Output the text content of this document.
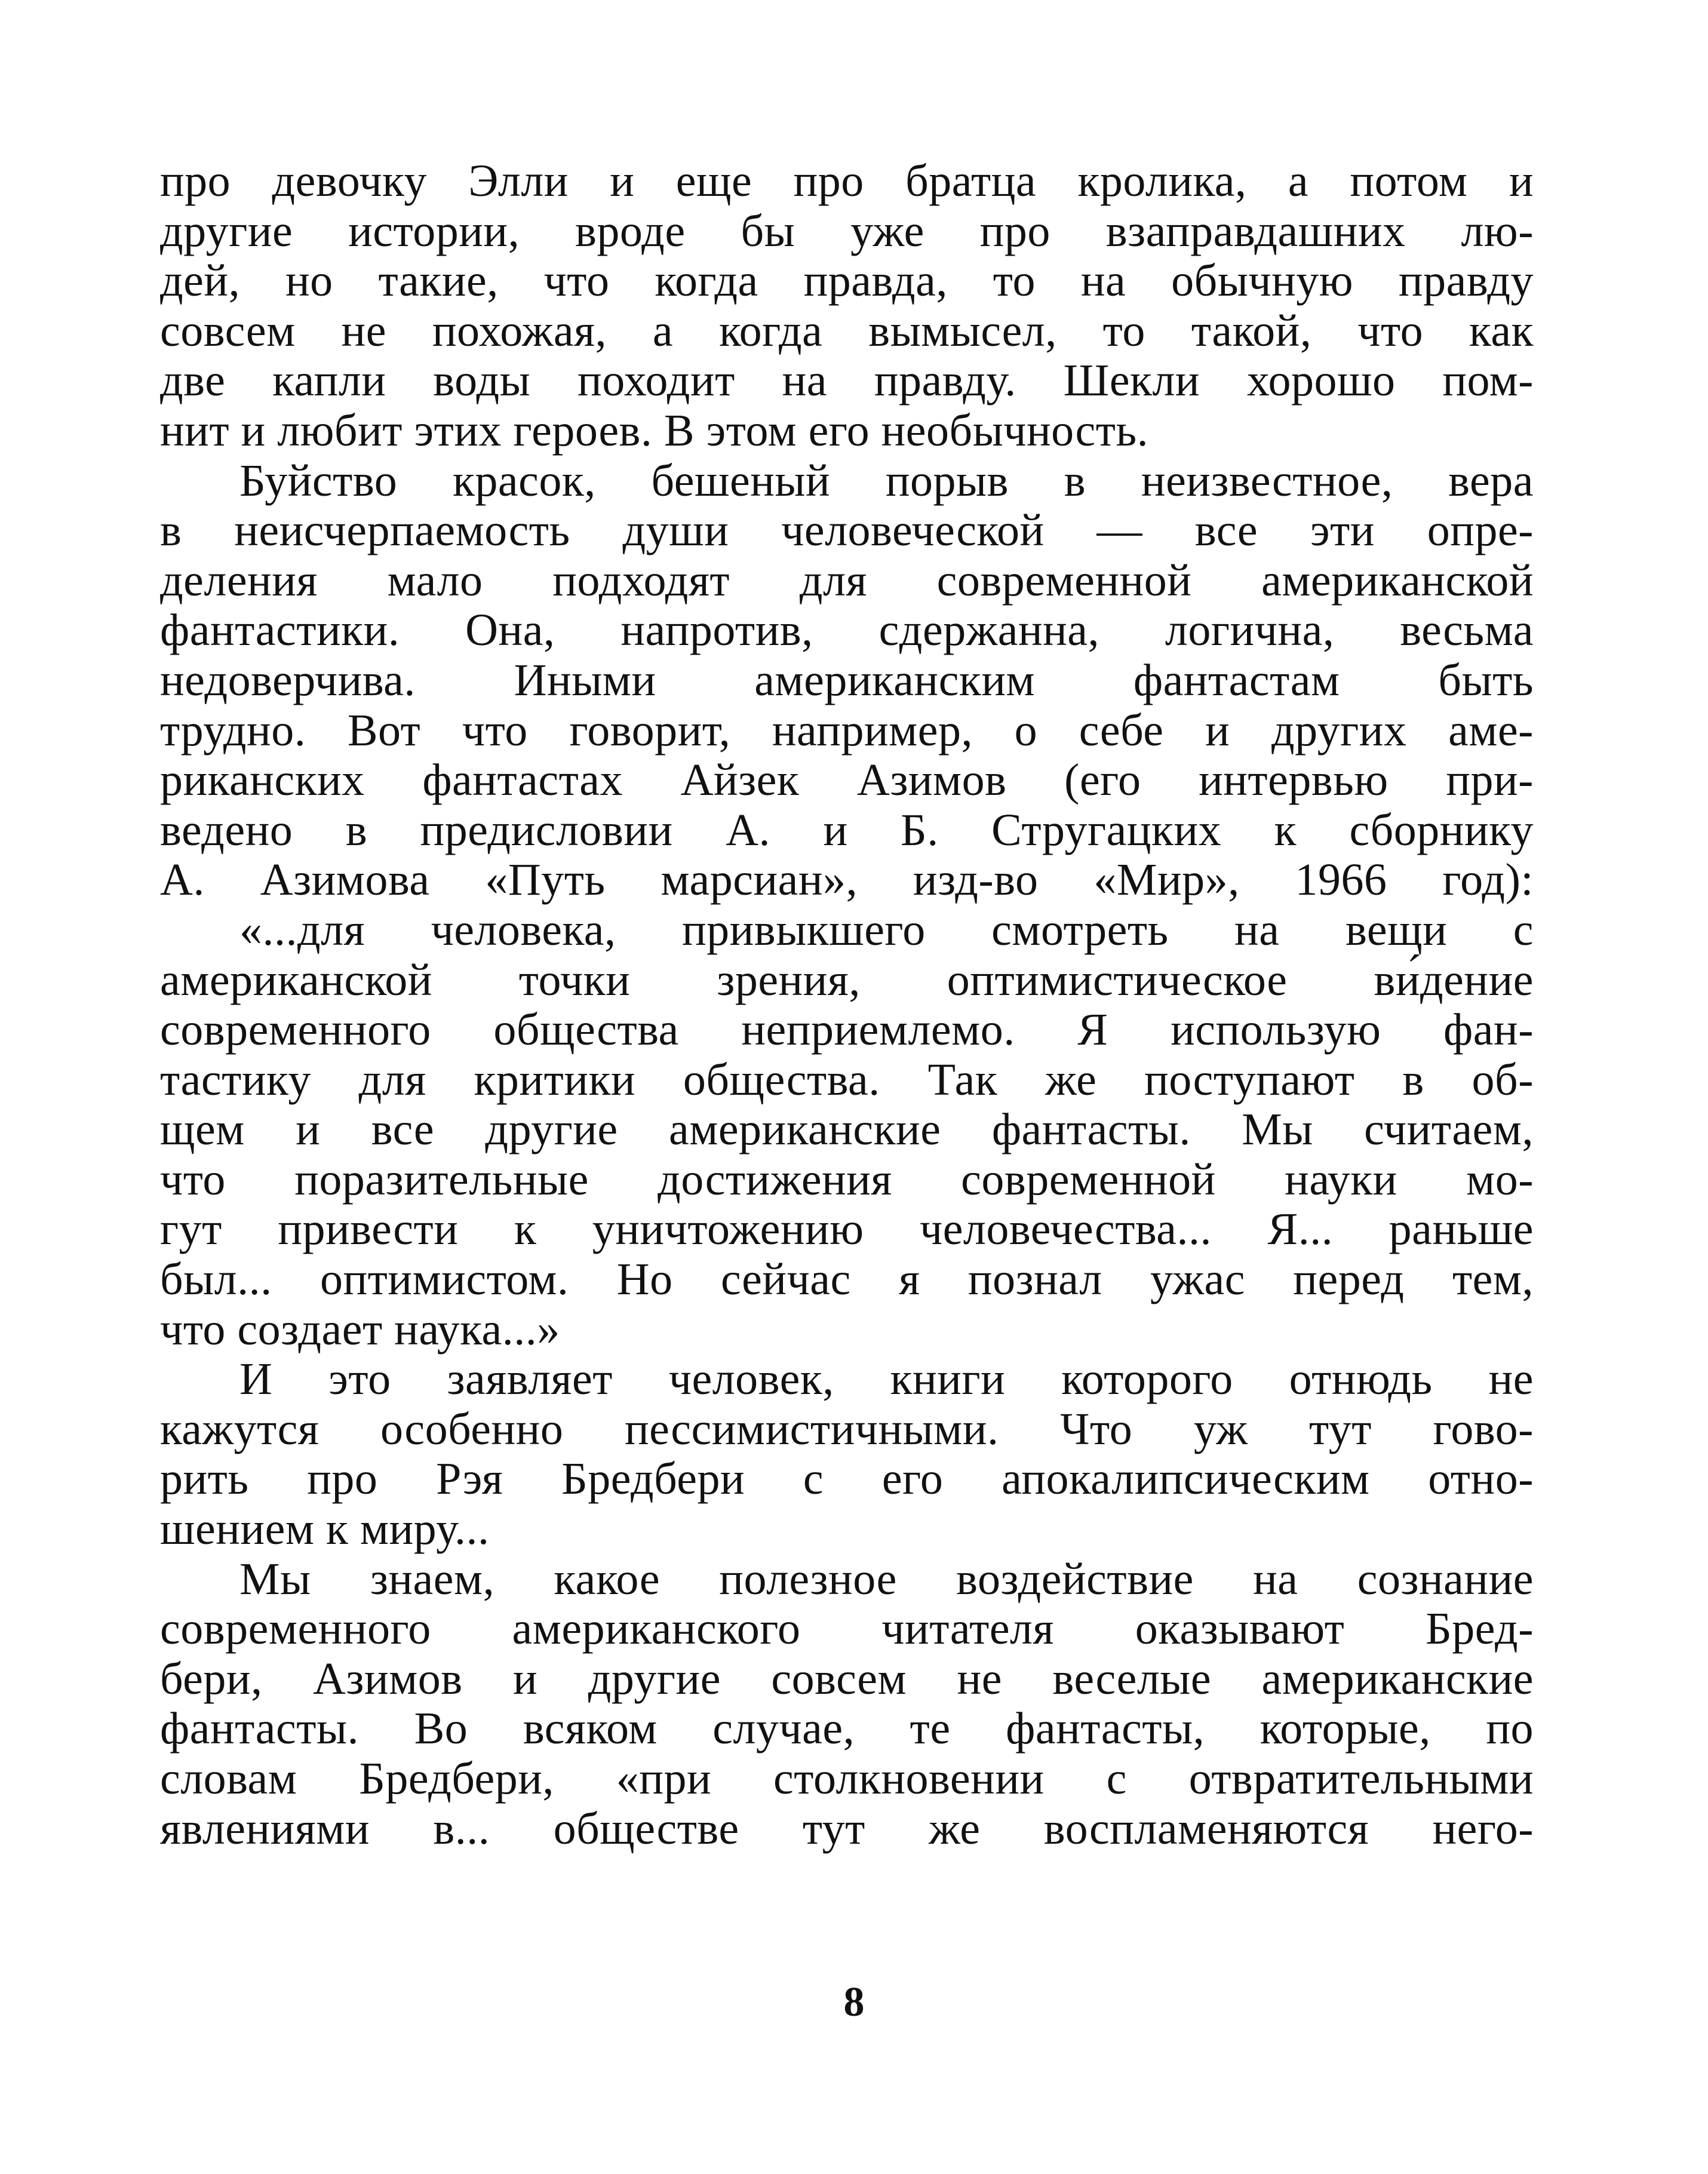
про девочку Элли и еще про братца кролика, а потом и
другие истории, вроде бы уже про взаправдашних лю-
дей, но такие, что когда правда, то на обычную правду
совсем не похожая, а когда вымысел, то такой, что как
две капли воды походит на правду. Шекли хорошо пом-
нит и любит этих героев. В этом его необычность.
Буйство красок, бешеный порыв в неизвестное, вера
в неисчерпаемость души человеческой — все эти опре-
деления мало подходят для современной американской
фантастики. Она, напротив, сдержанна, логична, весьма
недоверчива. Иными американским фантастам быть
трудно. Вот что говорит, например, о себе и других аме-
риканских фантастах Айзек Азимов (его интервью при-
ведено в предисловии А. и Б. Стругацких к сборнику
А. Азимова «Путь марсиан», изд-во «Мир», 1966 год):
«...для человека, привыкшего смотреть на вещи с
американской точки зрения, оптимистическое ви́дение
современного общества неприемлемо. Я использую фан-
тастику для критики общества. Так же поступают в об-
щем и все другие американские фантасты. Мы считаем,
что поразительные достижения современной науки мо-
гут привести к уничтожению человечества... Я... раньше
был... оптимистом. Но сейчас я познал ужас перед тем,
что создает наука...»
И это заявляет человек, книги которого отнюдь не
кажутся особенно пессимистичными. Что уж тут гово-
рить про Рэя Бредбери с его апокалипсическим отно-
шением к миру...
Мы знаем, какое полезное воздействие на сознание
современного американского читателя оказывают Бред-
бери, Азимов и другие совсем не веселые американские
фантасты. Во всяком случае, те фантасты, которые, по
словам Бредбери, «при столкновении с отвратительными
явлениями в... обществе тут же воспламеняются него-
8
